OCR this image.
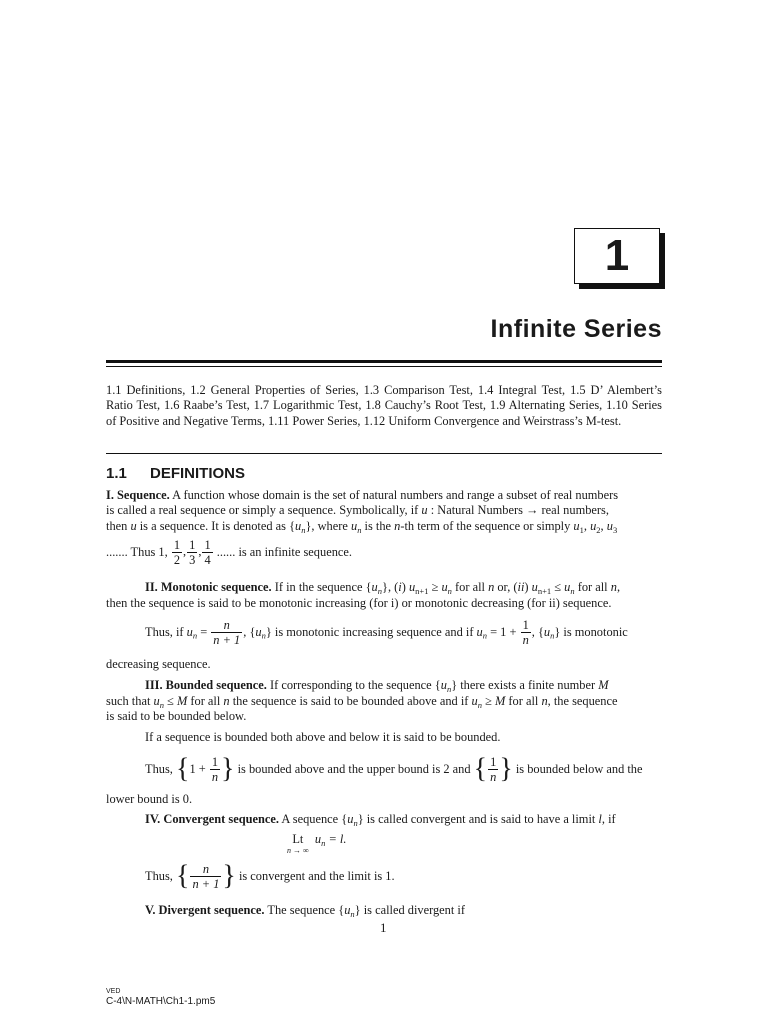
1
Infinite Series
1.1 Definitions, 1.2 General Properties of Series, 1.3 Comparison Test, 1.4 Integral Test, 1.5 D’ Alembert’s Ratio Test, 1.6 Raabe’s Test, 1.7 Logarithmic Test, 1.8 Cauchy’s Root Test, 1.9 Alternating Series, 1.10 Series of Positive and Negative Terms, 1.11 Power Series, 1.12 Uniform Convergence and Weirstrass’s M-test.
1.1 DEFINITIONS
I. Sequence. A function whose domain is the set of natural numbers and range a subset of real numbers
is called a real sequence or simply a sequence. Symbolically, if u : Natural Numbers → real numbers,
then u is a sequence. It is denoted as $\{u_n\}$, where $u_n$ is the n-th term of the sequence or simply $u_1$, $u_2$, $u_3$
....... Thus 1, $\frac{1}{2}$ , $\frac{1}{3}$ , $\frac{1}{4}$ ...... is an infinite sequence.
II. Monotonic sequence. If in the sequence $\{u_n\}$, (i) $u_{n+1} \ge u_n$ for all n or, (ii) $u_{n+1} \le u_n$ for all n,
then the sequence is said to be monotonic increasing (for i) or monotonic decreasing (for ii) sequence.
Thus, if $u_n = \frac{n}{n + 1}$ , $\{u_n\}$ is monotonic increasing sequence and if $u_n = 1 + \frac{1}{n}$ , $\{u_n\}$ is monotonic
decreasing sequence.
III. Bounded sequence. If corresponding to the sequence $\{u_n\}$ there exists a finite number M
such that $u_n \le M$ for all n the sequence is said to be bounded above and if $u_n \ge M$ for all n, the sequence
is said to be bounded below.
If a sequence is bounded both above and below it is said to be bounded.
Thus, {$1 + \frac{1}{n}$ } is bounded above and the upper bound is 2 and { $\frac{1}{n}$ } is bounded below and the
lower bound is 0.
IV. Convergent sequence. A sequence $\{u_n\}$ is called convergent and is said to have a limit l, if
Lt
n → ∞
$u_n = l$.
Thus, { $\frac{n}{n + 1}$ } is convergent and the limit is 1.
V. Divergent sequence. The sequence $\{u_n\}$ is called divergent if
1
VED
C-4\N-MATH\Ch1-1.pm5
